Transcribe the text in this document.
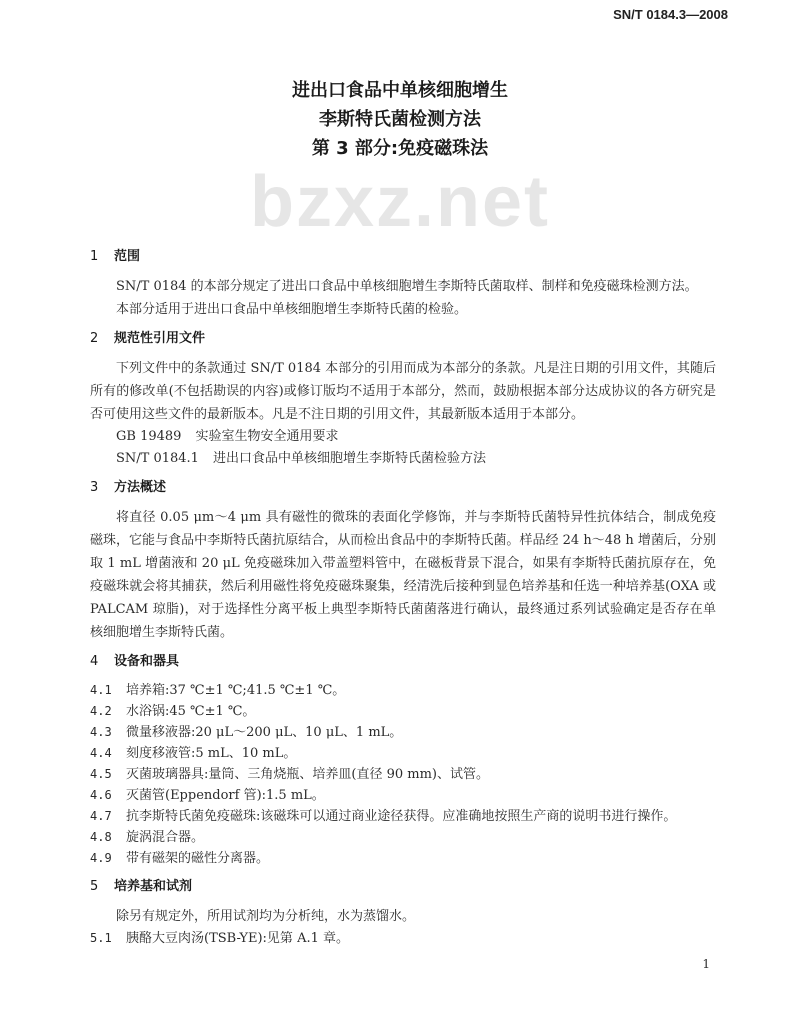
SN/T 0184.3—2008
进出口食品中单核细胞增生
李斯特氏菌检测方法
第 3 部分:免疫磁珠法
bzxz.net
1 范围

SN/T 0184 的本部分规定了进出口食品中单核细胞增生李斯特氏菌取样、制样和免疫磁珠检测方法。

本部分适用于进出口食品中单核细胞增生李斯特氏菌的检验。

2 规范性引用文件

下列文件中的条款通过 SN/T 0184 本部分的引用而成为本部分的条款。凡是注日期的引用文件，其随后所有的修改单(不包括勘误的内容)或修订版均不适用于本部分，然而，鼓励根据本部分达成协议的各方研究是否可使用这些文件的最新版本。凡是不注日期的引用文件，其最新版本适用于本部分。

GB 19489 实验室生物安全通用要求
SN/T 0184.1 进出口食品中单核细胞增生李斯特氏菌检验方法
3 方法概述

将直径 0.05 μm～4 μm 具有磁性的微珠的表面化学修饰，并与李斯特氏菌特异性抗体结合，制成免疫磁珠，它能与食品中李斯特氏菌抗原结合，从而检出食品中的李斯特氏菌。样品经 24 h～48 h 增菌后，分别取 1 mL 增菌液和 20 μL 免疫磁珠加入带盖塑料管中，在磁板背景下混合，如果有李斯特氏菌抗原存在，免疫磁珠就会将其捕获，然后利用磁性将免疫磁珠聚集，经清洗后接种到显色培养基和任选一种培养基(OXA 或 PALCAM 琼脂)，对于选择性分离平板上典型李斯特氏菌菌落进行确认，最终通过系列试验确定是否存在单核细胞增生李斯特氏菌。

4 设备和器具
4.1 培养箱:37 ℃±1 ℃;41.5 ℃±1 ℃。
4.2 水浴锅:45 ℃±1 ℃。
4.3 微量移液器:20 μL～200 μL、10 μL、1 mL。
4.4 刻度移液管:5 mL、10 mL。
4.5 灭菌玻璃器具:量筒、三角烧瓶、培养皿(直径 90 mm)、试管。
4.6 灭菌管(Eppendorf 管):1.5 mL。
4.7 抗李斯特氏菌免疫磁珠:该磁珠可以通过商业途径获得。应准确地按照生产商的说明书进行操作。
4.8 旋涡混合器。
4.9 带有磁架的磁性分离器。
5 培养基和试剂

除另有规定外，所用试剂均为分析纯，水为蒸馏水。

5.1 胰酪大豆肉汤(TSB-YE):见第 A.1 章。
1
